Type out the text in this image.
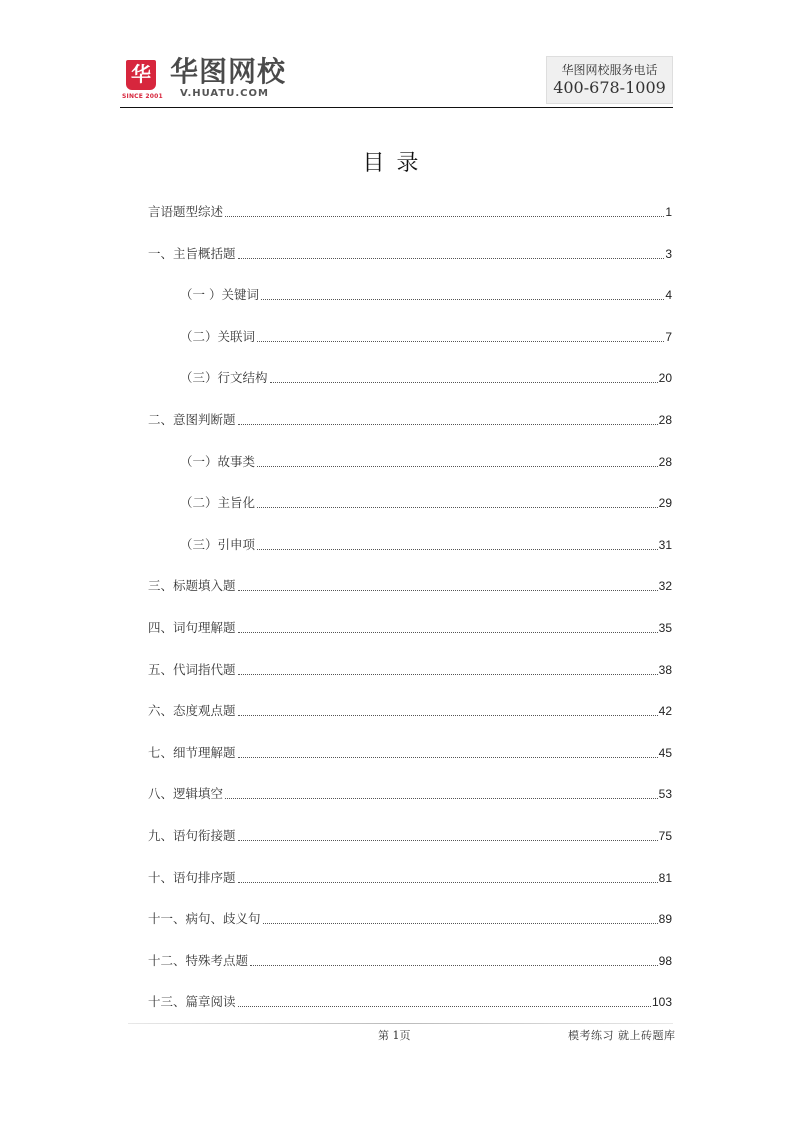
华
SINCE 2001
华图网校
V.HUATU.COM
华图网校服务电话
400-678-1009
目录
言语题型综述	1
一、主旨概括题	3
（一 ）关键词	4
（二）关联词	7
（三）行文结构	20
二、意图判断题	28
（一）故事类	28
（二）主旨化	29
（三）引申项	31
三、标题填入题	32
四、词句理解题	35
五、代词指代题	38
六、态度观点题	42
七、细节理解题	45
八、逻辑填空	53
九、语句衔接题	75
十、语句排序题	81
十一、病句、歧义句	89
十二、特殊考点题	98
十三、篇章阅读	103
第 1页	模考练习 就上砖题库
